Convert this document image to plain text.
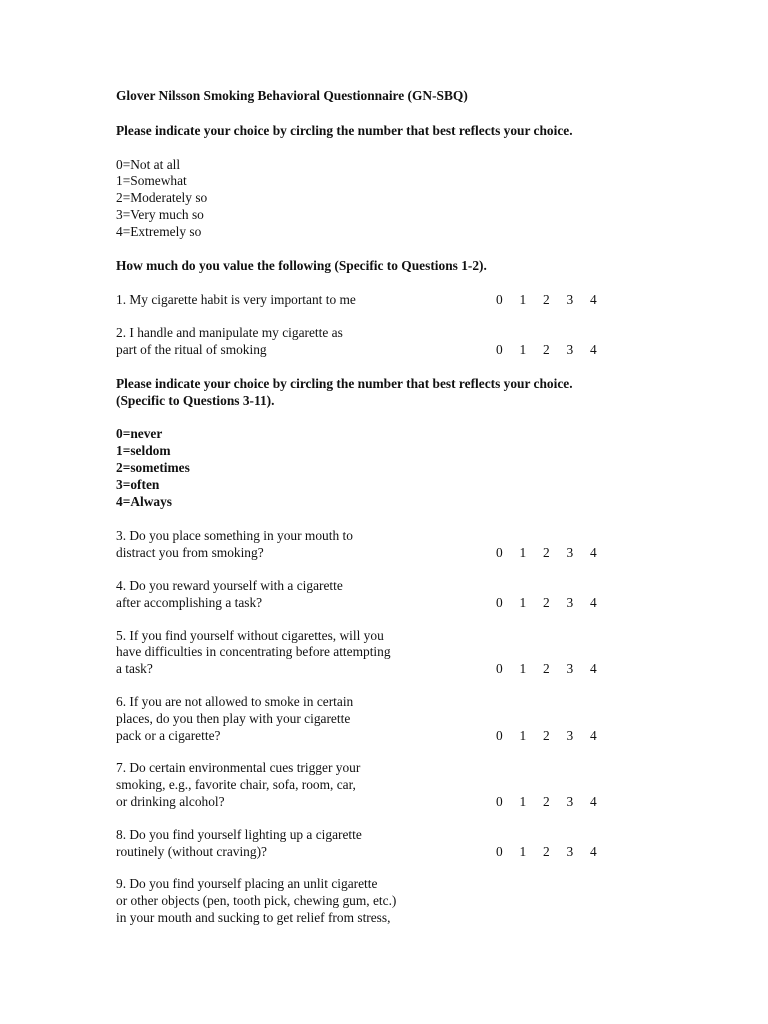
Glover Nilsson Smoking Behavioral Questionnaire (GN-SBQ)
Please indicate your choice by circling the number that best reflects your choice.
0=Not at all
1=Somewhat
2=Moderately so
3=Very much so
4=Extremely so
How much do you value the following (Specific to Questions 1-2).
1. My cigarette habit is very important to me	0	1	2	3	4
2. I handle and manipulate my cigarette as
part of the ritual of smoking	0	1	2	3	4
Please indicate your choice by circling the number that best reflects your choice.
(Specific to Questions 3-11).
0=never
1=seldom
2=sometimes
3=often
4=Always
3. Do you place something in your mouth to
distract you from smoking?	0	1	2	3	4
4. Do you reward yourself with a cigarette
after accomplishing a task?	0	1	2	3	4
5. If you find yourself without cigarettes, will you
have difficulties in concentrating before attempting
a task?	0	1	2	3	4
6. If you are not allowed to smoke in certain
places, do you then play with your cigarette
pack or a cigarette?	0	1	2	3	4
7. Do certain environmental cues trigger your
smoking, e.g., favorite chair, sofa, room, car,
or drinking alcohol?	0	1	2	3	4
8. Do you find yourself lighting up a cigarette
routinely (without craving)?	0	1	2	3	4
9. Do you find yourself placing an unlit cigarette
or other objects (pen, tooth pick, chewing gum, etc.)
in your mouth and sucking to get relief from stress,
